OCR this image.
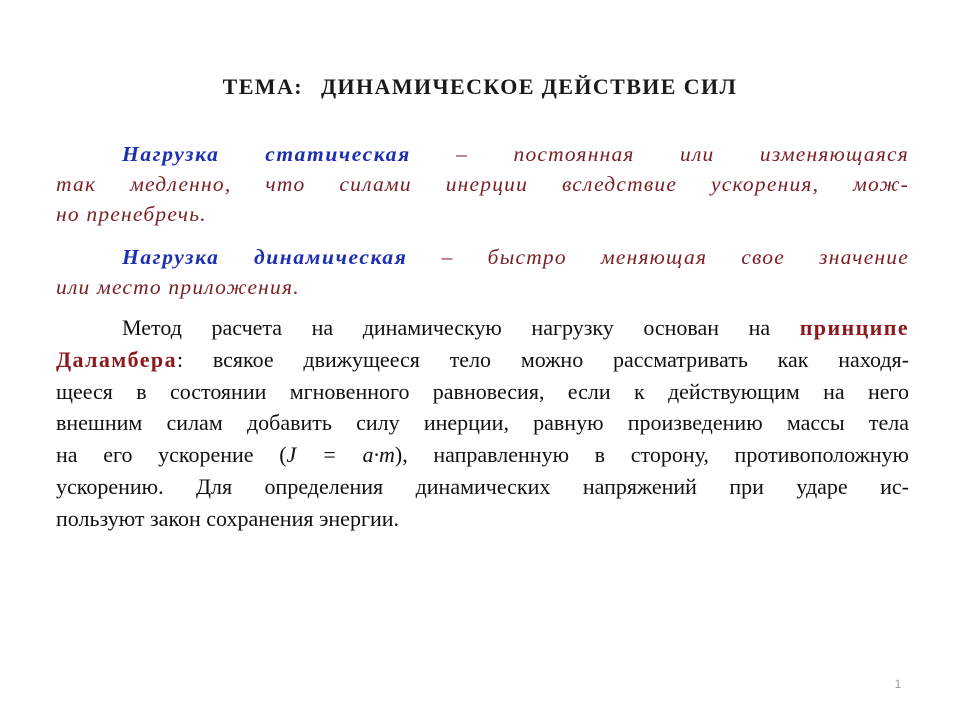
ТЕМА: ДИНАМИЧЕСКОЕ ДЕЙСТВИЕ СИЛ
Нагрузка статическая – постоянная или изменяющаяся
так медленно, что силами инерции вследствие ускорения, мож-
но пренебречь.
Нагрузка динамическая – быстро меняющая свое значение
или место приложения.
Метод расчета на динамическую нагрузку основан на принципе
Даламбера: всякое движущееся тело можно рассматривать как находя-
щееся в состоянии мгновенного равновесия, если к действующим на него
внешним силам добавить силу инерции, равную произведению массы тела
на его ускорение (J = a·m), направленную в сторону, противоположную
ускорению. Для определения динамических напряжений при ударе ис-
пользуют закон сохранения энергии.
1
